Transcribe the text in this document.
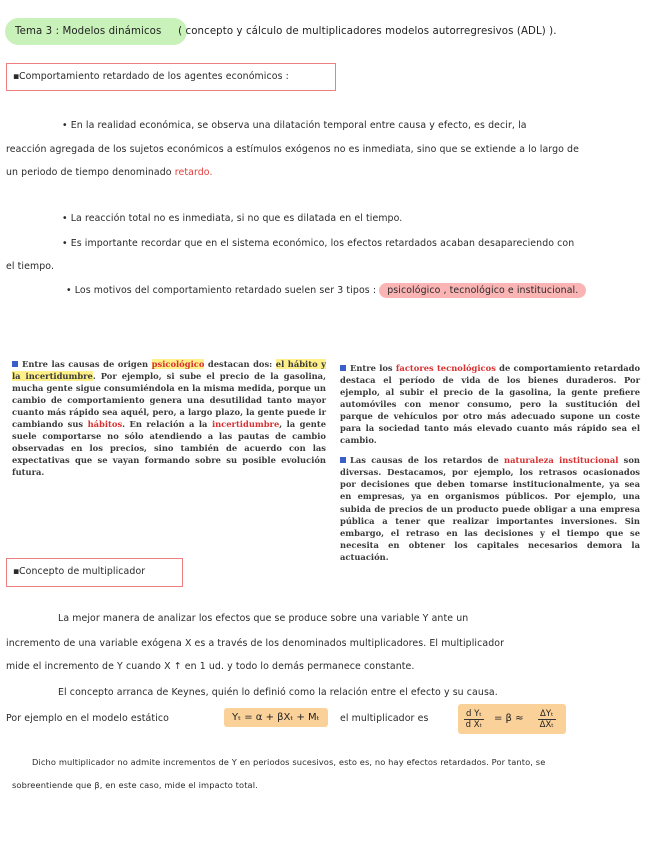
Tema 3 : Modelos dinámicos ( concepto y cálculo de multiplicadores modelos autorregresivos (ADL) ).
▪ Comportamiento retardado de los agentes económicos :
• En la realidad económica, se observa una dilatación temporal entre causa y efecto, es decir, la
reacción agregada de los sujetos económicos a estímulos exógenos no es inmediata, sino que se extiende a lo largo de
un periodo de tiempo denominado retardo.
• La reacción total no es inmediata, si no que es dilatada en el tiempo.
• Es importante recordar que en el sistema económico, los efectos retardados acaban desapareciendo con
el tiempo.
• Los motivos del comportamiento retardado suelen ser 3 tipos : psicológico , tecnológico e institucional.

Entre las causas de origen psicológico destacan dos: el hábito y la incertidumbre. Por ejemplo, si sube el precio de la gasolina, mucha gente sigue consumiéndola en la misma medida, porque un cambio de comportamiento genera una desutilidad tanto mayor cuanto más rápido sea aquél, pero, a largo plazo, la gente puede ir cambiando sus hábitos. En relación a la incertidumbre, la gente suele comportarse no sólo atendiendo a las pautas de cambio observadas en los precios, sino también de acuerdo con las expectativas que se vayan formando sobre su posible evolución futura.

Entre los factores tecnológicos de comportamiento retardado destaca el período de vida de los bienes duraderos. Por ejemplo, al subir el precio de la gasolina, la gente prefiere automóviles con menor consumo, pero la sustitución del parque de vehículos por otro más adecuado supone un coste para la sociedad tanto más elevado cuanto más rápido sea el cambio.

Las causas de los retardos de naturaleza institucional son diversas. Destacamos, por ejemplo, los retrasos ocasionados por decisiones que deben tomarse institucionalmente, ya sea en empresas, ya en organismos públicos. Por ejemplo, una subida de precios de un producto puede obligar a una empresa pública a tener que realizar importantes inversiones. Sin embargo, el retraso en las decisiones y el tiempo que se necesita en obtener los capitales necesarios demora la actuación.

▪ Concepto de multiplicador
La mejor manera de analizar los efectos que se produce sobre una variable Y ante un
incremento de una variable exógena X es a través de los denominados multiplicadores. El multiplicador
mide el incremento de Y cuando X ↑ en 1 ud. y todo lo demás permanece constante.
El concepto arranca de Keynes, quién lo definió como la relación entre el efecto y su causa.
Por ejemplo en el modelo estático	Yₜ = α + βXₜ + Mₜ	el multiplicador es	$\frac{\text{d Yₜ}}{\text{d Xₜ}} = \beta \approx \Delta Y_t$
ΔXₜ
Dicho multiplicador no admite incrementos de Y en periodos sucesivos, esto es, no hay efectos retardados. Por tanto, se
sobreentiende que β, en este caso, mide el impacto total.
